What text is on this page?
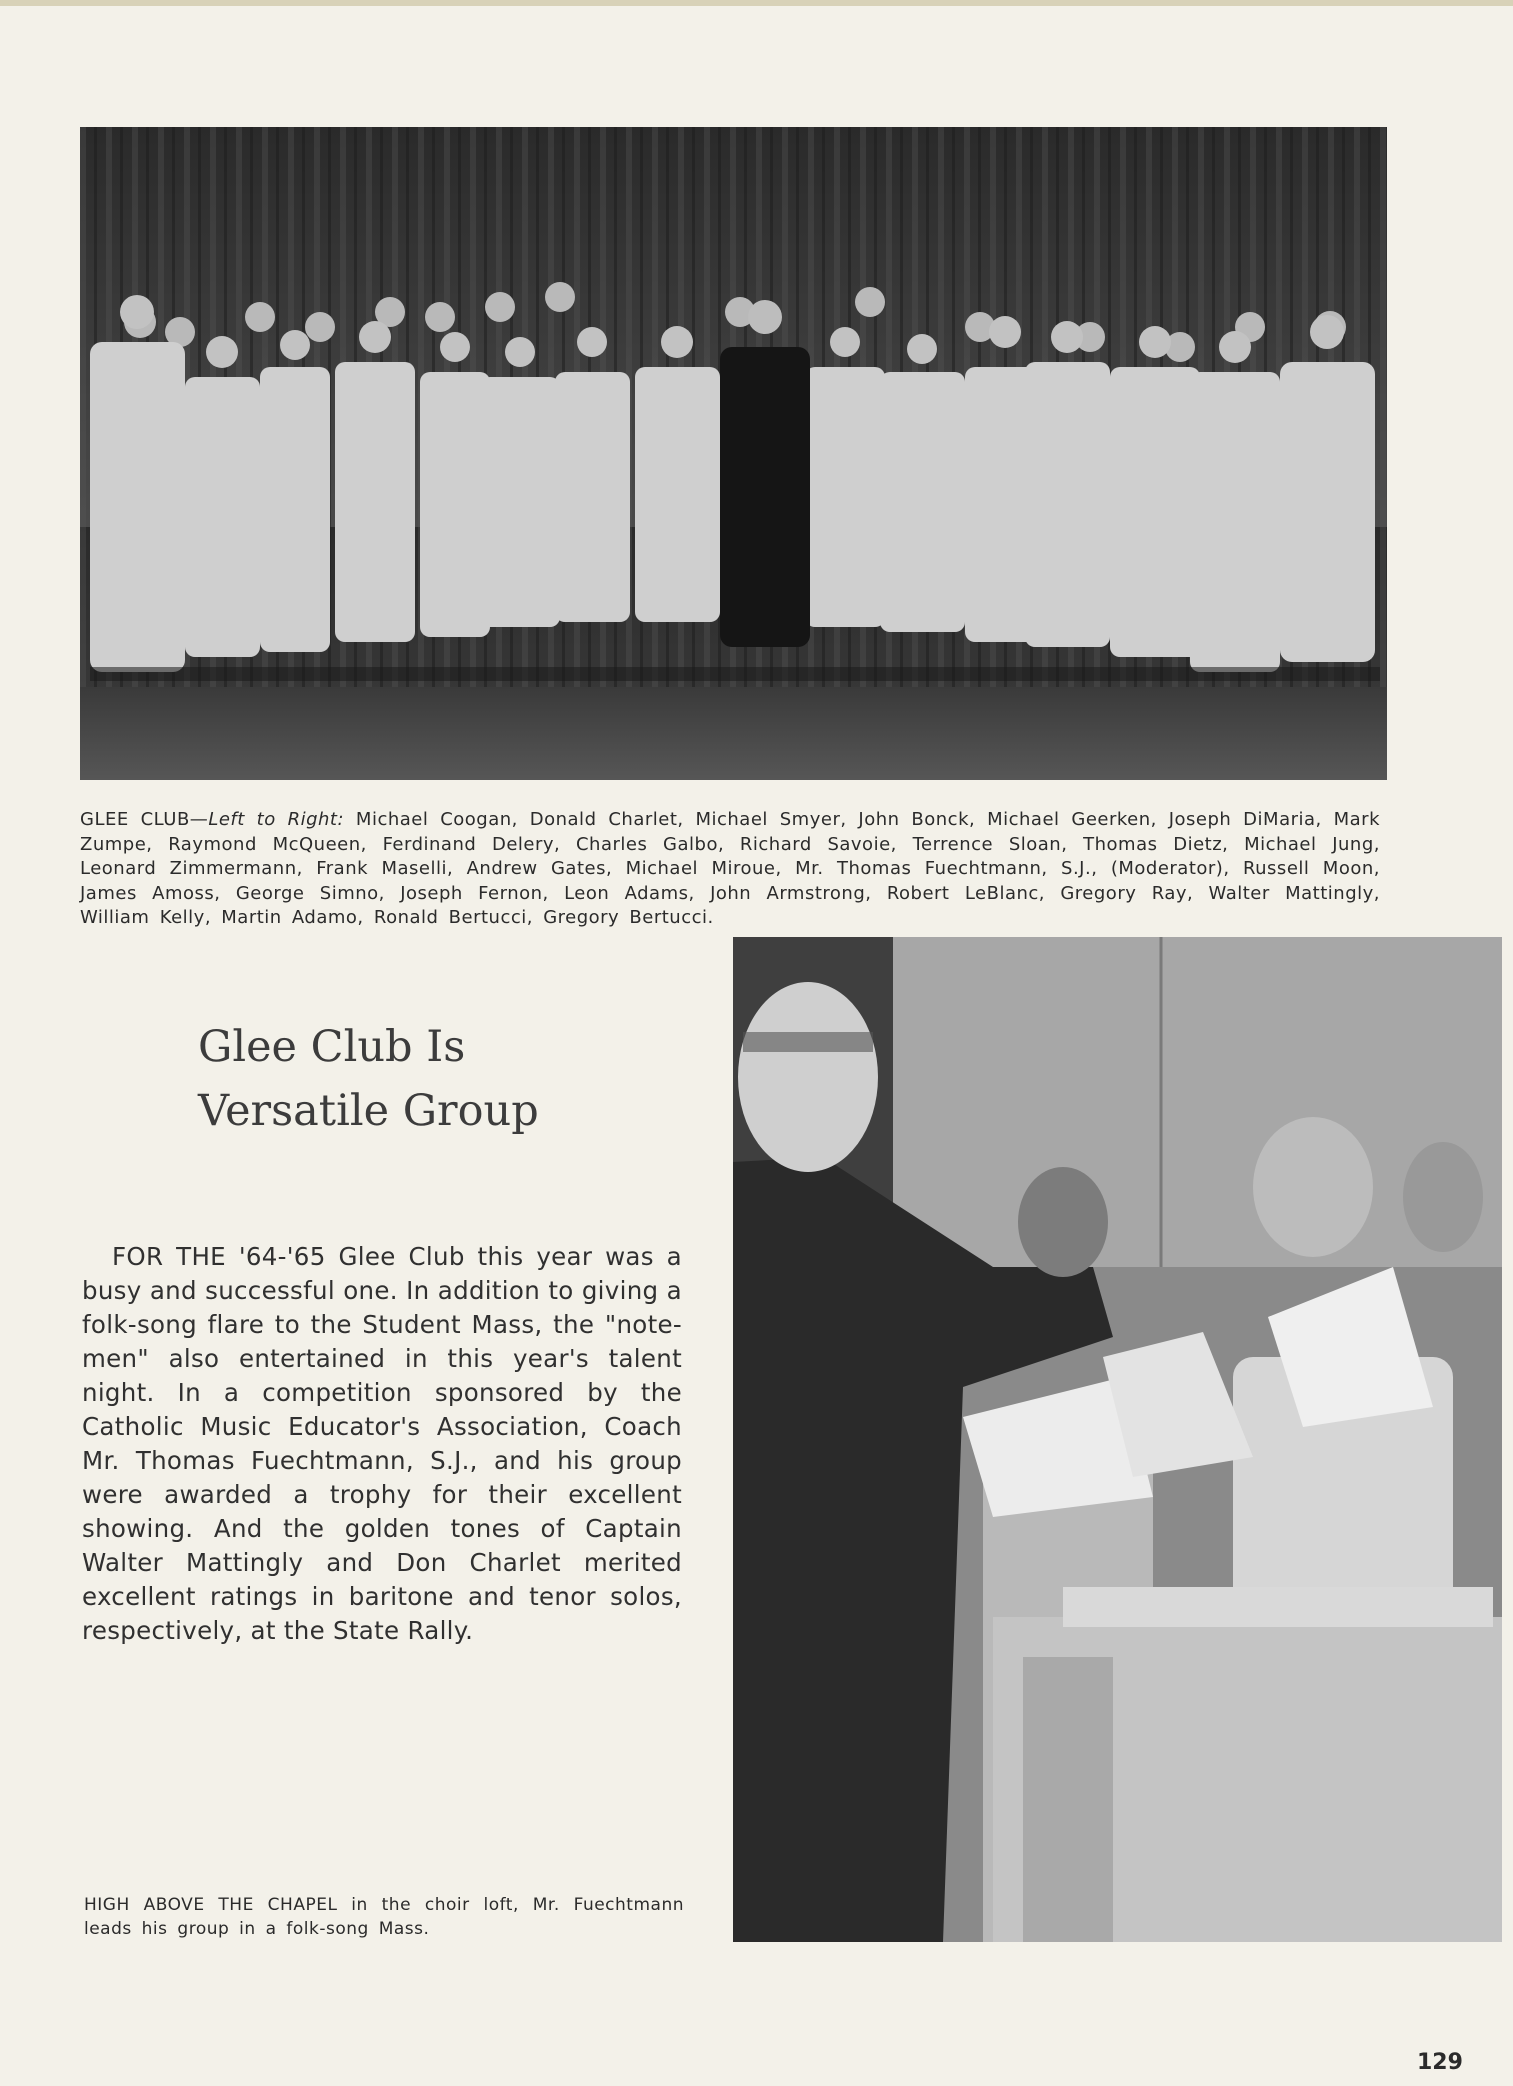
GLEE CLUB—Left to Right: Michael Coogan, Donald Charlet, Michael Smyer, John Bonck, Michael Geerken, Joseph DiMaria, Mark Zumpe, Raymond McQueen, Ferdinand Delery, Charles Galbo, Richard Savoie, Terrence Sloan, Thomas Dietz, Michael Jung, Leonard Zimmermann, Frank Maselli, Andrew Gates, Michael Miroue, Mr. Thomas Fuechtmann, S.J., (Moderator), Russell Moon, James Amoss, George Simno, Joseph Fernon, Leon Adams, John Armstrong, Robert LeBlanc, Gregory Ray, Walter Mattingly, William Kelly, Martin Adamo, Ronald Bertucci, Gregory Bertucci.
Glee Club Is
Versatile Group
FOR THE '64-'65 Glee Club this year was a busy and successful one. In addition to giving a folk-song flare to the Student Mass, the "note-men" also entertained in this year's talent night. In a competition sponsored by the Catholic Music Educator's Association, Coach Mr. Thomas Fuechtmann, S.J., and his group were awarded a trophy for their excellent showing. And the golden tones of Captain Walter Mattingly and Don Charlet merited excellent ratings in baritone and tenor solos, respectively, at the State Rally.
HIGH ABOVE THE CHAPEL in the choir loft, Mr. Fuechtmann leads his group in a folk-song Mass.
129
